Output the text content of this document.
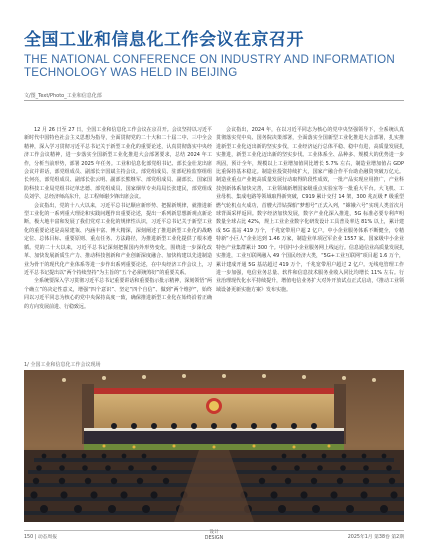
全国工业和信息化工作会议在京召开
THE NATIONAL CONFERENCE ON INDUSTRY AND INFORMATION TECHNOLOGY WAS HELD IN BEIJING
文/图_Text/Photo_工业和信息化部

12 月 26 日至 27 日，全国工业和信息化工作会议在京召开。会议坚持以习近平新时代中国特色社会主义思想为指导，全面贯彻党的二十大和二十届二中、三中全会精神，深入学习贯彻习近平总书记关于新型工业化的重要论述，认真贯彻落实中央经济工作会议精神，进一步落实全国新型工业化推进大会部署要求，总结 2024 年工作，分析当前形势，部署 2025 年任务。工业和信息化部党组书记、部长金壮龙出席会议并讲话，部党组成员、副部长辛国斌主持会议。部党组成员、驻部纪检监察组组长何亮，部党组成员、副部长张云明、副部长熊继军、部党组成员、副部长、国家国防科技工业局党组书记单忠德、部党组成员、国家烟草专卖局局长张建民，部党组成员刘学、总经济师高东升，总工程师谢少锋出席会议。

会议指出，党的十八大以来，习近平总书记顺应新形势、把握新规律，就推进新型工业化的一系列重大理论和实践问题作出重要论述，提出一系列新思想新观点新论断，极大地丰富和发展了我们党对工业化的规律性认识，习近平总书记关于新型工业化的重要论述是高屋建瓴、内涵丰富、博大精深，深刻阐述了推进新型工业化的战略定位、总体目标、重要原则、重点任务、方法路径，为推进新型工业化提供了根本遵循。党的二十大以来，习近平总书记深刻把握国内外形势变化，围绕进一步深化改革、加快发展新质生产力、推动科技创新和产业创新深度融合、加快构建以先进制造业为骨干的现代化产业体系等进一步作出系列重要论述，在中央经济工作会议上，习近平总书记提出以“两个持续坚持”为主旨的“五个必须统筹好”的重要关系。

全系统要深入学习贯彻习近平总书记重要讲话和重要指示批示精神，深刻领悟“两个确立”的决定性意义，增强“四个意识”、坚定“四个自信”、做到“两个维护”，始终同以习近平同志为核心的党中央保持高度一致，确保推进新型工业化在始终沿着正确的方向发展前进、行稳致远。

会议指出，2024 年，在以习近平同志为核心的党中央坚强领导下，全系统认真贯彻落实党中央、国务院决策部署，全面落实全国新型工业化推进大会部署，扎实推进新型工业化迈出新的坚实步伐，工业经济运行总体平稳、稳中有进，高质量发展扎实推进，新型工业化迈出新的坚实步伐。工业体系全、品种多、规模大的优势进一步巩固，预计全年，规模以上工业增加值同比增长 5.7% 左右，制造业增加值占 GDP 比重保持基本稳定。制造业投资持续扩大，国家产融合作平台助企融资突破万亿元。制造业重点产业链高质量发展行动取得阶段性成效，一批产品实现应用推广，产业科技创新体系加快完善，工业领域新增国家级重点实验室等一批重大平台。大飞机、工业母机、集成电路等领域取得新突破，C919 累计交付 14 架，300 兆瓦级 F 级重型燃气轮机点火成功，首艘大洋钻探船“梦想号”正式入列，“嫦娥六号”实现人类首次月球背面采样返回。数字经济加快发展，数字产业化深入推进，5G 标准必要专利声明数量全球占比 42%，规上工业企业数字化研发设计工具普及率达 81% 以上，累计建成 5G 基站 419 万个，千兆宽带用户超 2 亿户。中小企业服务体系不断健全，专精特新“小巨人”企业达到 1.46 万家，制造业单项冠军企业 1557 家。国家级中小企业特色产业集群累计 300 个。中国中小企业服务网上线运行。信息通信业高质量发展扎实推进，工业互联网融入 49 个国民经济大类，“5G+工业互联网”项目超 1.6 万个，累计建成开通 5G 基站超过 419 万个，千兆宽带用户超过 2 亿户。无线电管理工作进一步加强，电信业务总量、软件和信息技术服务业收入同比均增长 11% 左右。行业治理现代化水平持续提升，增值电信业务扩大对外开放试点正式启动，《推动工业领域设备更新实施方案》发布实施。

1/ 全国工业和信息化工作会议现场
150 | 动态周报
设计
DESIGN	2025年1月 第38卷 第2期
